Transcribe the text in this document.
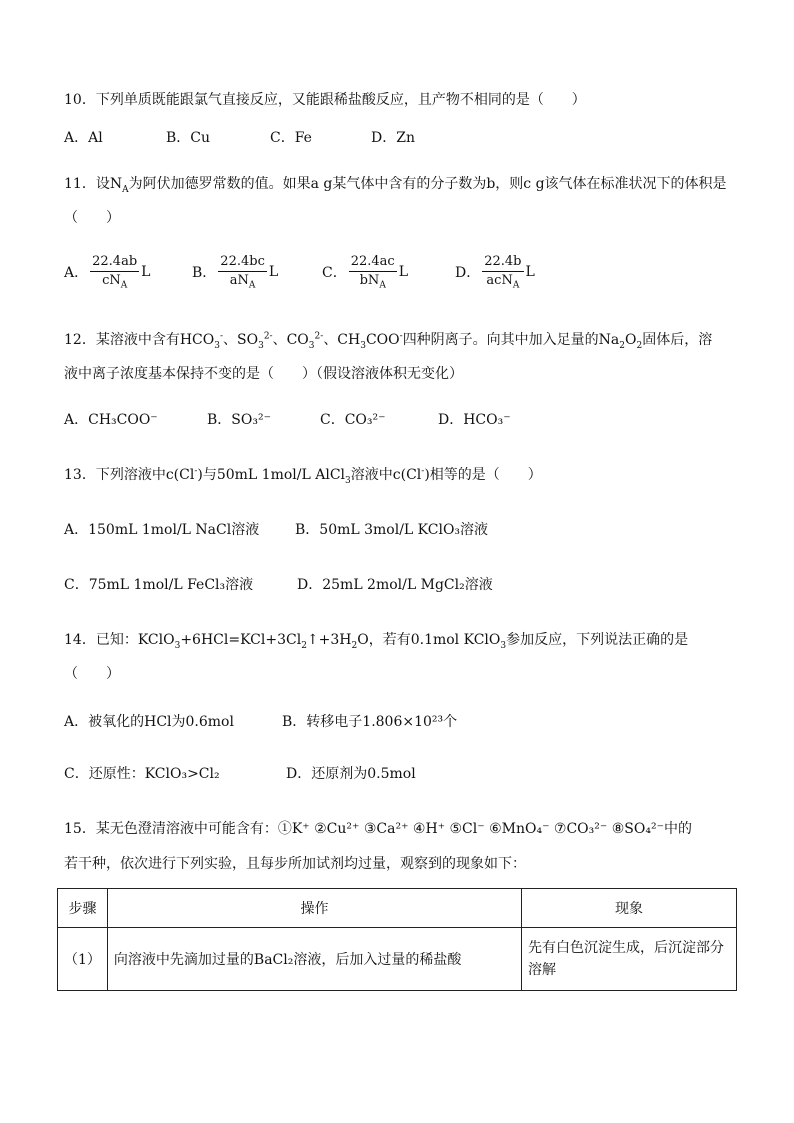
10．下列单质既能跟氯气直接反应，又能跟稀盐酸反应，且产物不相同的是（　　）
A．Al	B．Cu	C．Fe	D．Zn
11．设$N_A$为阿伏加德罗常数的值。如果a g某气体中含有的分子数为b，则c g该气体在标准状况下的体积是
（　　）
A． $\frac{22.4ab}{cN_A}$ L	B． $\frac{22.4bc}{aN_A}$ L	C． $\frac{22.4ac}{bN_A}$ L	D． $\frac{22.4b}{acN_A}$ L
12．某溶液中含有$HCO_3^-$、$SO_3^{2-}$、$CO_3^{2-}$、$CH_3COO^-$四种阴离子。向其中加入足量的$Na_2O_2$固体后，溶
液中离子浓度基本保持不变的是（　　）（假设溶液体积无变化）
A．CH₃COO⁻	B．SO₃²⁻	C．CO₃²⁻	D．HCO₃⁻
13．下列溶液中c(Cl-)与50mL 1mol/L AlCl$_3$溶液中c(Cl-)相等的是（　　）
A．150mL 1mol/L NaCl溶液	B．50mL 3mol/L KClO₃溶液
C．75mL 1mol/L FeCl₃溶液	D．25mL 2mol/L MgCl₂溶液
14．已知：$KClO_3+6HCl=KCl+3Cl_2↑+3H_2O$，若有0.1mol KClO$_3$参加反应，下列说法正确的是
（　　）
A．被氧化的HCl为0.6mol	B．转移电子1.806×10²³个
C．还原性：KClO₃>Cl₂	D．还原剂为0.5mol
15．某无色澄清溶液中可能含有：①K⁺ ②Cu²⁺ ③Ca²⁺ ④H⁺ ⑤Cl⁻ ⑥MnO₄⁻ ⑦CO₃²⁻ ⑧SO₄²⁻中的
若干种，依次进行下列实验，且每步所加试剂均过量，观察到的现象如下：
步骤	操作	现象
（1）	向溶液中先滴加过量的BaCl₂溶液，后加入过量的稀盐酸	先有白色沉淀生成，后沉淀部分溶解
